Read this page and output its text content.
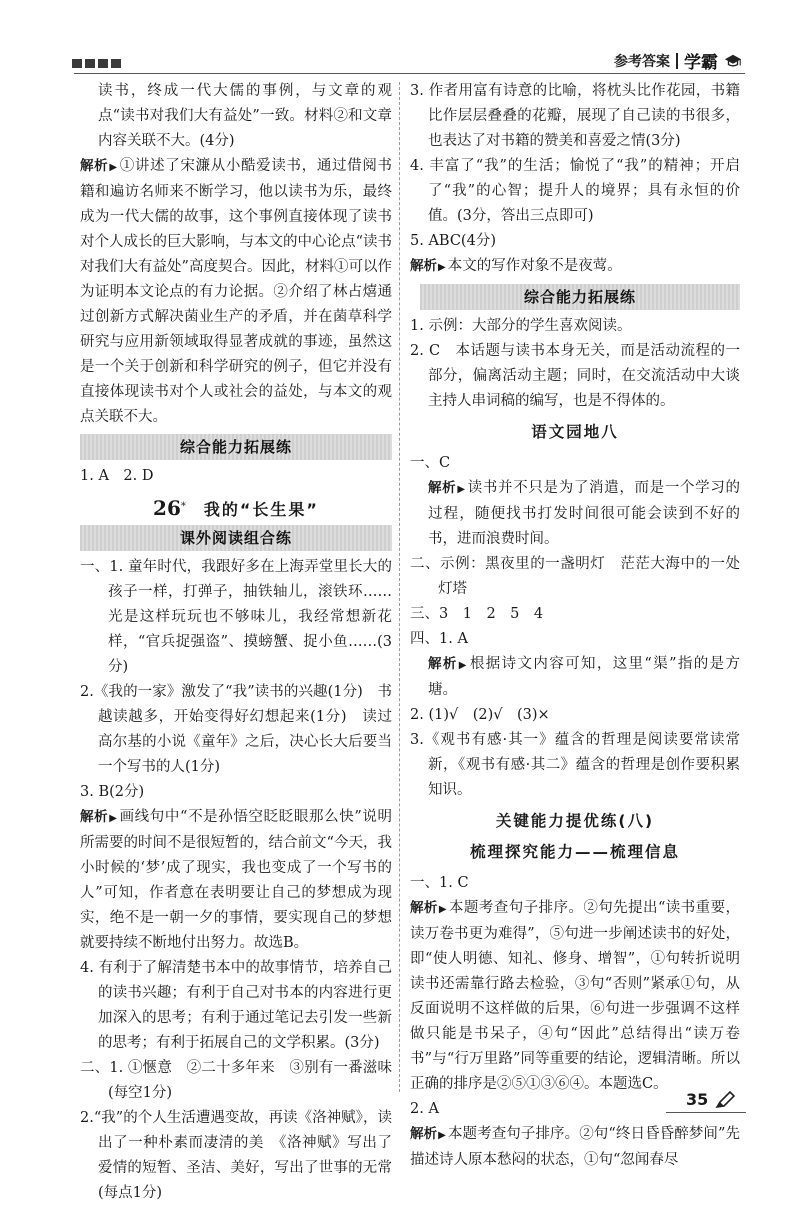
参考答案 学霸

读书，终成一代大儒的事例，与文章的观点“读书对我们大有益处”一致。材料②和文章内容关联不大。(4分)

解析▶ ①讲述了宋濂从小酷爱读书，通过借阅书籍和遍访名师来不断学习，他以读书为乐，最终成为一代大儒的故事，这个事例直接体现了读书对个人成长的巨大影响，与本文的中心论点“读书对我们大有益处”高度契合。因此，材料①可以作为证明本文论点的有力论据。②介绍了林占熺通过创新方式解决菌业生产的矛盾，并在菌草科学研究与应用新领域取得显著成就的事迹，虽然这是一个关于创新和科学研究的例子，但它并没有直接体现读书对个人或社会的益处，与本文的观点关联不大。

综合能力拓展练

1. A　2. D

26* 我的“长生果”
课外阅读组合练

一、1. 童年时代，我跟好多在上海弄堂里长大的孩子一样，打弹子，抽铁轴儿，滚铁环……　光是这样玩玩也不够味儿，我经常想新花样，“官兵捉强盗”、摸螃蟹、捉小鱼……(3分)

2.《我的一家》激发了“我”读书的兴趣(1分)　书越读越多，开始变得好幻想起来(1分)　读过高尔基的小说《童年》之后，决心长大后要当一个写书的人(1分)

3. B(2分)

解析▶ 画线句中“不是孙悟空眨眨眼那么快”说明所需要的时间不是很短暂的，结合前文“今天，我小时候的‘梦’成了现实，我也变成了一个写书的人”可知，作者意在表明要让自己的梦想成为现实，绝不是一朝一夕的事情，要实现自己的梦想就要持续不断地付出努力。故选B。

4. 有利于了解清楚书本中的故事情节，培养自己的读书兴趣；有利于自己对书本的内容进行更加深入的思考；有利于通过笔记去引发一些新的思考；有利于拓展自己的文学积累。(3分)

二、1. ①愜意　②二十多年来　③别有一番滋味(每空1分)

2.“我”的个人生活遭遇变故，再读《洛神赋》，读出了一种朴素而凄清的美　《洛神赋》写出了爱情的短暂、圣洁、美好，写出了世事的无常(每点1分)

3. 作者用富有诗意的比喻，将枕头比作花园，书籍比作层层叠叠的花瓣，展现了自己读的书很多，也表达了对书籍的赞美和喜爱之情(3分)

4. 丰富了“我”的生活；愉悦了“我”的精神；开启了“我”的心智；提升人的境界；具有永恒的价值。(3分，答出三点即可)

5. ABC(4分)

解析▶ 本文的写作对象不是夜莺。

综合能力拓展练

1. 示例：大部分的学生喜欢阅读。

2. C　本话题与读书本身无关，而是活动流程的一部分，偏离活动主题；同时，在交流活动中大谈主持人串词稿的编写，也是不得体的。

语文园地八

一、C

解析▶ 读书并不只是为了消遣，而是一个学习的过程，随便找书打发时间很可能会读到不好的书，进而浪费时间。

二、示例：黑夜里的一盏明灯　茫茫大海中的一处灯塔

三、3　1　2　5　4

四、1. A

解析▶ 根据诗文内容可知，这里“渠”指的是方塘。

2. (1)√　(2)√　(3)×

3.《观书有感·其一》蕴含的哲理是阅读要常读常新，《观书有感·其二》蕴含的哲理是创作要积累知识。

关键能力提优练(八)
梳理探究能力——梳理信息

一、1. C

解析▶ 本题考查句子排序。②句先提出“读书重要，读万卷书更为难得”，⑤句进一步阐述读书的好处，即“使人明德、知礼、修身、增智”，①句转折说明读书还需靠行路去检验，③句“否则”紧承①句，从反面说明不这样做的后果，⑥句进一步强调不这样做只能是书呆子，④句“因此”总结得出“读万卷书”与“行万里路”同等重要的结论，逻辑清晰。所以正确的排序是②⑤①③⑥④。本题选C。

2. A

解析▶ 本题考查句子排序。②句“终日昏昏醉梦间”先描述诗人原本愁闷的状态，①句“忽闻春尽

35
